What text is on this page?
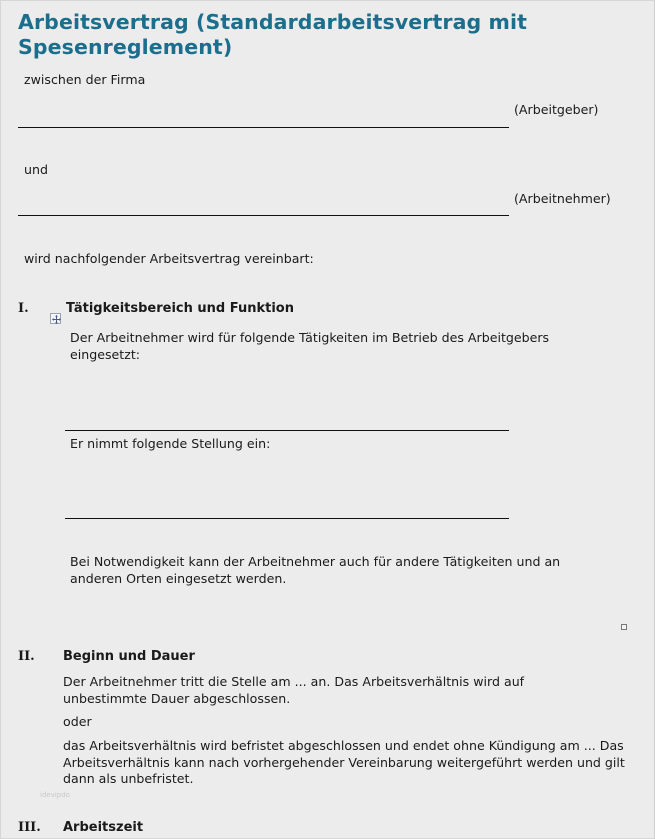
Arbeitsvertrag (Standardarbeitsvertrag mit Spesenreglement)
zwischen der Firma
(Arbeitgeber)
und
(Arbeitnehmer)
wird nachfolgender Arbeitsvertrag vereinbart:
I.	Tätigkeitsbereich und Funktion
Der Arbeitnehmer wird für folgende Tätigkeiten im Betrieb des Arbeitgebers eingesetzt:
Er nimmt folgende Stellung ein:
Bei Notwendigkeit kann der Arbeitnehmer auch für andere Tätigkeiten und an anderen Orten eingesetzt werden.
II. Beginn und Dauer
Der Arbeitnehmer tritt die Stelle am ... an. Das Arbeitsverhältnis wird auf unbestimmte Dauer abgeschlossen.
oder
das Arbeitsverhältnis wird befristet abgeschlossen und endet ohne Kündigung am ... Das Arbeitsverhältnis kann nach vorhergehender Vereinbarung weitergeführt werden und gilt dann als unbefristet.
idevipdo
III. Arbeitszeit
